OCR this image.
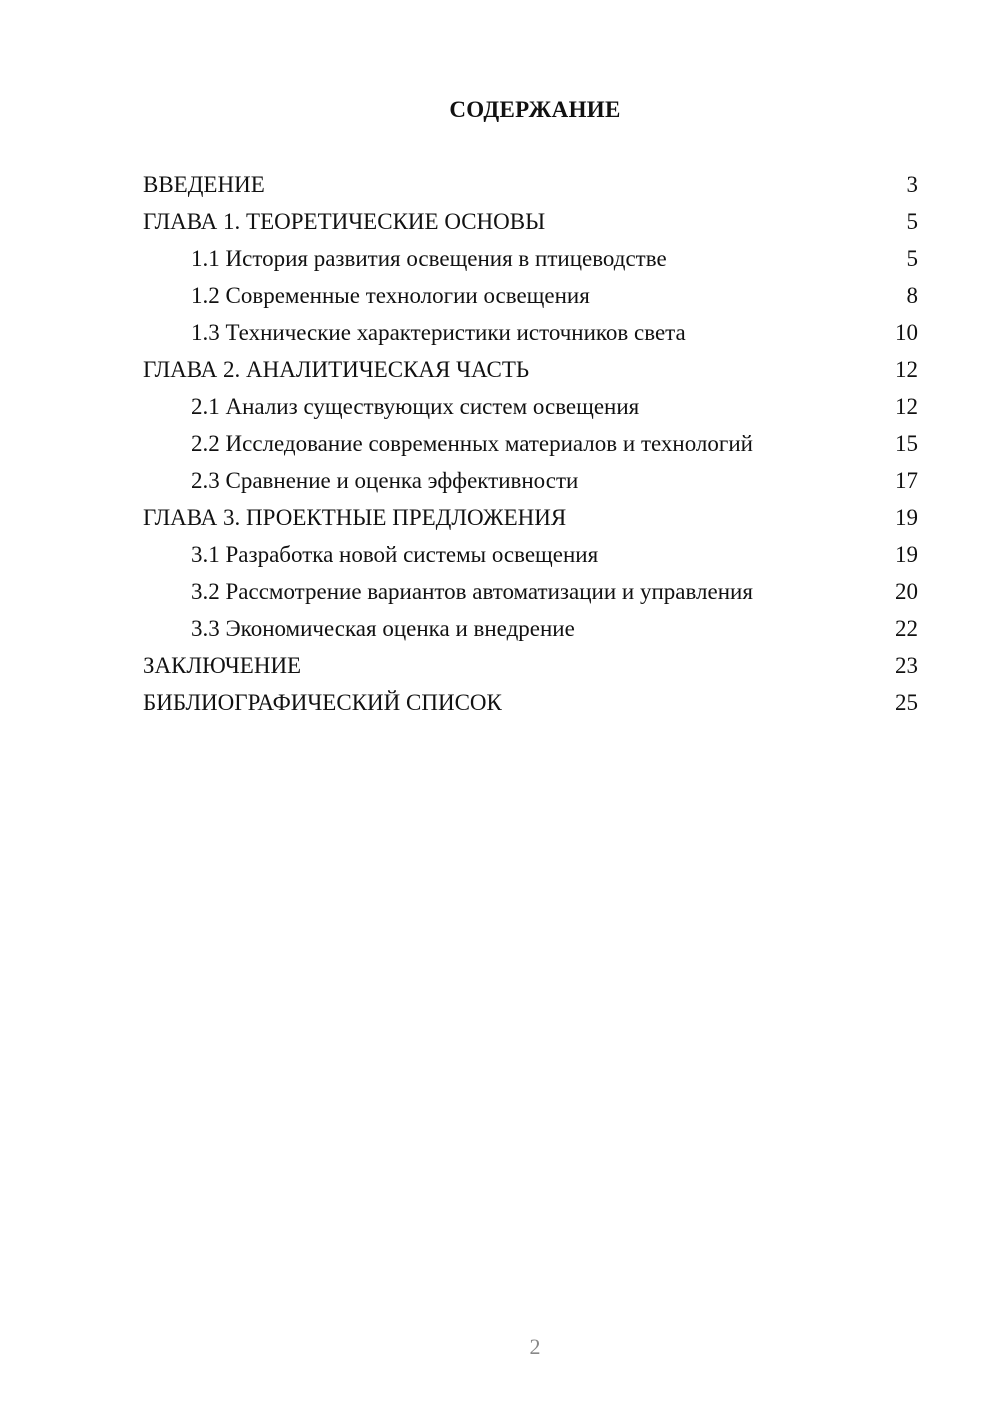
СОДЕРЖАНИЕ
ВВЕДЕНИЕ	3
ГЛАВА 1. ТЕОРЕТИЧЕСКИЕ ОСНОВЫ	5
1.1 История развития освещения в птицеводстве	5
1.2 Современные технологии освещения	8
1.3 Технические характеристики источников света	10
ГЛАВА 2. АНАЛИТИЧЕСКАЯ ЧАСТЬ	12
2.1 Анализ существующих систем освещения	12
2.2 Исследование современных материалов и технологий	15
2.3 Сравнение и оценка эффективности	17
ГЛАВА 3. ПРОЕКТНЫЕ ПРЕДЛОЖЕНИЯ	19
3.1 Разработка новой системы освещения	19
3.2 Рассмотрение вариантов автоматизации и управления	20
3.3 Экономическая оценка и внедрение	22
ЗАКЛЮЧЕНИЕ	23
БИБЛИОГРАФИЧЕСКИЙ СПИСОК	25
2
